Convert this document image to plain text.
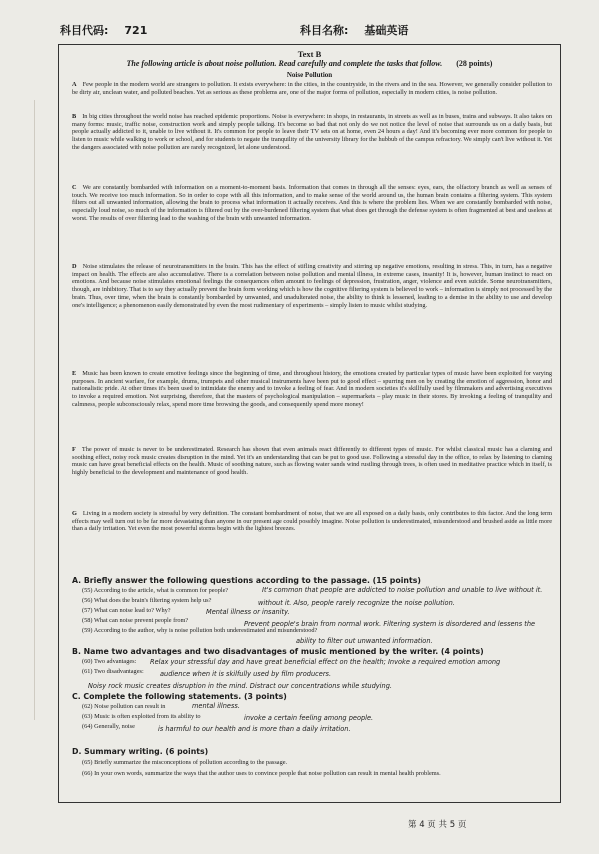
科目代码: 721	科目名称: 基础英语

Text B

The following article is about noise pollution. Read carefully and complete the tasks that follow. (28 points)

Noise Pollution

A Few people in the modern world are strangers to pollution. It exists everywhere: in the cities, in the countryside, in the rivers and in the sea. However, we generally consider pollution to be dirty air, unclean water, and polluted beaches. Yet as serious as these problems are, one of the major forms of pollution, especially in modern cities, is noise pollution.

B In big cities throughout the world noise has reached epidemic proportions. Noise is everywhere: in shops, in restaurants, in streets as well as in buses, trains and subways. It also takes on many forms: music, traffic noise, construction work and simply people talking. It's become so bad that not only do we not notice the level of noise that surrounds us on a daily basis, but people actually addicted to it, unable to live without it. It's common for people to leave their TV sets on at home, even 24 hours a day! And it's becoming ever more common for people to listen to music while walking to work or school, and for students to negate the tranquility of the university library for the hubbub of the campus refractory. We simply can't live without it. Yet the dangers associated with noise pollution are rarely recognized, let alone understood.

C We are constantly bombarded with information on a moment-to-moment basis. Information that comes in through all the senses: eyes, ears, the olfactory branch as well as senses of touch. We receive too much information. So in order to cope with all this information, and to make sense of the world around us, the human brain contains a filtering system. This system filters out all unwanted information, allowing the brain to process what information it actually receives. And this is where the problem lies. When we are constantly bombarded with noise, especially loud noise, so much of the information is filtered out by the over-burdened filtering system that what does get through the defense system is often fragmented at best and useless at worst. The results of over filtering lead to the washing of the brain with unwanted information.

D Noise stimulates the release of neurotransmitters in the brain. This has the effect of stifling creativity and stirring up negative emotions, resulting in stress. This, in turn, has a negative impact on health. The effects are also accumulative. There is a correlation between noise pollution and mental illness, in extreme cases, insanity! It is, however, human instinct to react on emotions. And because noise stimulates emotional feelings the consequences often amount to feelings of depression, frustration, anger, violence and even suicide. Some neurotransmitters, though, are inhibitory. That is to say they actually prevent the brain form working which is how the cognitive filtering system is believed to work – information is simply not processed by the brain. Thus, over time, when the brain is constantly bombarded by unwanted, and unadulterated noise, the ability to think is lessened, leading to a demise in the ability to use and develop one's intelligence; a phenomenon easily demonstrated by even the most rudimentary of experiments – simply listen to music whilst studying.

E Music has been known to create emotive feelings since the beginning of time, and throughout history, the emotions created by particular types of music have been exploited for varying purposes. In ancient warfare, for example, drums, trumpets and other musical instruments have been put to good effect – spurring men on by creating the emotion of aggression, honor and nationalistic pride. At other times it's been used to intimidate the enemy and to invoke a feeling of fear. And in modern societies it's skillfully used by filmmakers and advertising executives to invoke a required emotion. Not surprising, therefore, that the masters of psychological manipulation – supermarkets – play music in their stores. By invoking a feeling of tranquility and calmness, people subconsciously relax, spend more time browsing the goods, and consequently spend more money!

F The power of music is never to be underestimated. Research has shown that even animals react differently to different types of music. For whilst classical music has a claming and soothing effect, noisy rock music creates disruption in the mind. Yet it's an understanding that can be put to good use. Following a stressful day in the office, to relax by listening to claming music can have great beneficial effects on the health. Music of soothing nature, such as flowing water sands wind rustling through trees, is often used in meditative practice which in itself, is highly beneficial to the development and maintenance of good health.

G Living in a modern society is stressful by very definition. The constant bombardment of noise, that we are all exposed on a daily basis, only contributes to this factor. And the long term effects may well turn out to be far more devastating than anyone in our present age could possibly imagine. Noise pollution is underestimated, misunderstood and brushed aside as little more than a daily irritation. Yet even the most powerful storms begin with the lightest breezes.

A. Briefly answer the following questions according to the passage. (15 points)

(55) According to the article, what is common for people?	It's common that people are addicted to noise pollution and unable to live without it.

(56) What does the brain's filtering system help us?	without it. Also, people rarely recognize the noise pollution.

(57) What can noise lead to? Why?	Mental illness or insanity.

(58) What can noise prevent people from?	Prevent people's brain from normal work. Filtering system is disordered and lessens the

(59) According to the author, why is noise pollution both underestimated and misunderstood?

ability to filter out unwanted information.

B. Name two advantages and two disadvantages of music mentioned by the writer. (4 points)

(60) Two advantages: Relax your stressful day and have great beneficial effect on the health; Invoke a required emotion among

(61) Two disadvantages: audience when it is skilfully used by film producers.

Noisy rock music creates disruption in the mind. Distract our concentrations while studying.

C. Complete the following statements. (3 points)

(62) Noise pollution can result in	mental illness.

(63) Music is often exploited from its ability to	invoke a certain feeling among people.

(64) Generally, noise	is harmful to our health and is more than a daily irritation.

D. Summary writing. (6 points)

(65) Briefly summarize the misconceptions of pollution according to the passage.

(66) In your own words, summarize the ways that the author uses to convince people that noise pollution can result in mental health problems.

第 4 页 共 5 页
